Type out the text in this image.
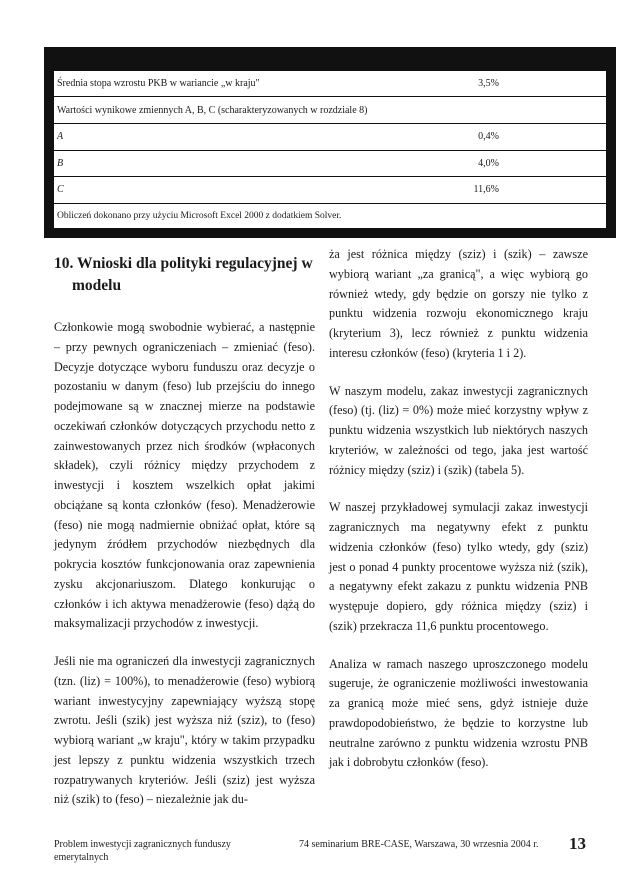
Średnia stopa wzrostu PKB w wariancie „w kraju"	3,5%
Wartości wynikowe zmiennych A, B, C (scharakteryzowanych w rozdziale 8)	
A	0,4%
B	4,0%
C	11,6%
Obliczeń dokonano przy użyciu Microsoft Excel 2000 z dodatkiem Solver.	
10. Wnioski dla polityki regulacyjnej w modelu

Członkowie mogą swobodnie wybierać, a następnie – przy pewnych ograniczeniach – zmieniać (feso). Decyzje dotyczące wyboru funduszu oraz decyzje o pozostaniu w danym (feso) lub przejściu do innego podejmowane są w znacznej mierze na podstawie oczekiwań członków dotyczących przychodu netto z zainwestowanych przez nich środków (wpłaconych składek), czyli różnicy między przychodem z inwestycji i kosztem wszelkich opłat jakimi obciążane są konta członków (feso). Menadżerowie (feso) nie mogą nadmiernie obniżać opłat, które są jedynym źródłem przychodów niezbędnych dla pokrycia kosztów funkcjonowania oraz zapewnienia zysku akcjonariuszom. Dlatego konkurując o członków i ich aktywa menadżerowie (feso) dążą do maksymalizacji przychodów z inwestycji.

Jeśli nie ma ograniczeń dla inwestycji zagranicznych (tzn. (liz) = 100%), to menadżerowie (feso) wybiorą wariant inwestycyjny zapewniający wyższą stopę zwrotu. Jeśli (szik) jest wyższa niż (sziz), to (feso) wybiorą wariant „w kraju", który w takim przypadku jest lepszy z punktu widzenia wszystkich trzech rozpatrywanych kryteriów. Jeśli (sziz) jest wyższa niż (szik) to (feso) – niezależnie jak du-

ża jest różnica między (sziz) i (szik) – zawsze wybiorą wariant „za granicą", a więc wybiorą go również wtedy, gdy będzie on gorszy nie tylko z punktu widzenia rozwoju ekonomicznego kraju (kryterium 3), lecz również z punktu widzenia interesu członków (feso) (kryteria 1 i 2).

W naszym modelu, zakaz inwestycji zagranicznych (feso) (tj. (liz) = 0%) może mieć korzystny wpływ z punktu widzenia wszystkich lub niektórych naszych kryteriów, w zależności od tego, jaka jest wartość różnicy między (sziz) i (szik) (tabela 5).

W naszej przykładowej symulacji zakaz inwestycji zagranicznych ma negatywny efekt z punktu widzenia członków (feso) tylko wtedy, gdy (sziz) jest o ponad 4 punkty procentowe wyższa niż (szik), a negatywny efekt zakazu z punktu widzenia PNB występuje dopiero, gdy różnica między (sziz) i (szik) przekracza 11,6 punktu procentowego.

Analiza w ramach naszego uproszczonego modelu sugeruje, że ograniczenie możliwości inwestowania za granicą może mieć sens, gdyż istnieje duże prawdopodobieństwo, że będzie to korzystne lub neutralne zarówno z punktu widzenia wzrostu PNB jak i dobrobytu członków (feso).

Problem inwestycji zagranicznych funduszy emerytalnych
74 seminarium BRE-CASE, Warszawa, 30 wrzesnia 2004 r.	13
